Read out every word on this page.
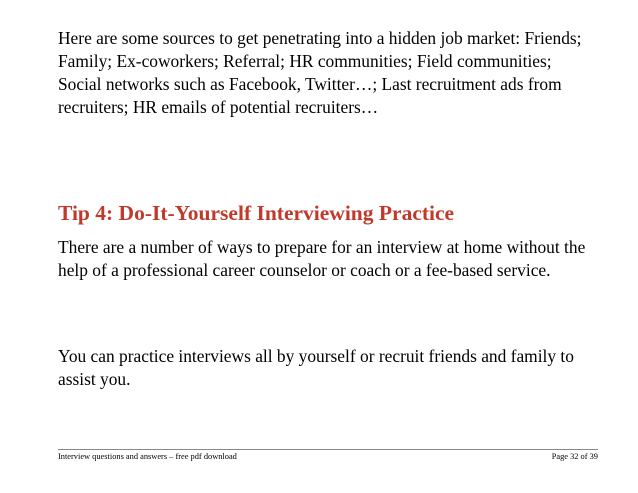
Here are some sources to get penetrating into a hidden job market: Friends; Family; Ex-coworkers; Referral; HR communities; Field communities; Social networks such as Facebook, Twitter…; Last recruitment ads from recruiters; HR emails of potential recruiters…

Tip 4: Do-It-Yourself Interviewing Practice

There are a number of ways to prepare for an interview at home without the help of a professional career counselor or coach or a fee-based service.

You can practice interviews all by yourself or recruit friends and family to assist you.

Interview questions and answers – free pdf download	Page 32 of 39
